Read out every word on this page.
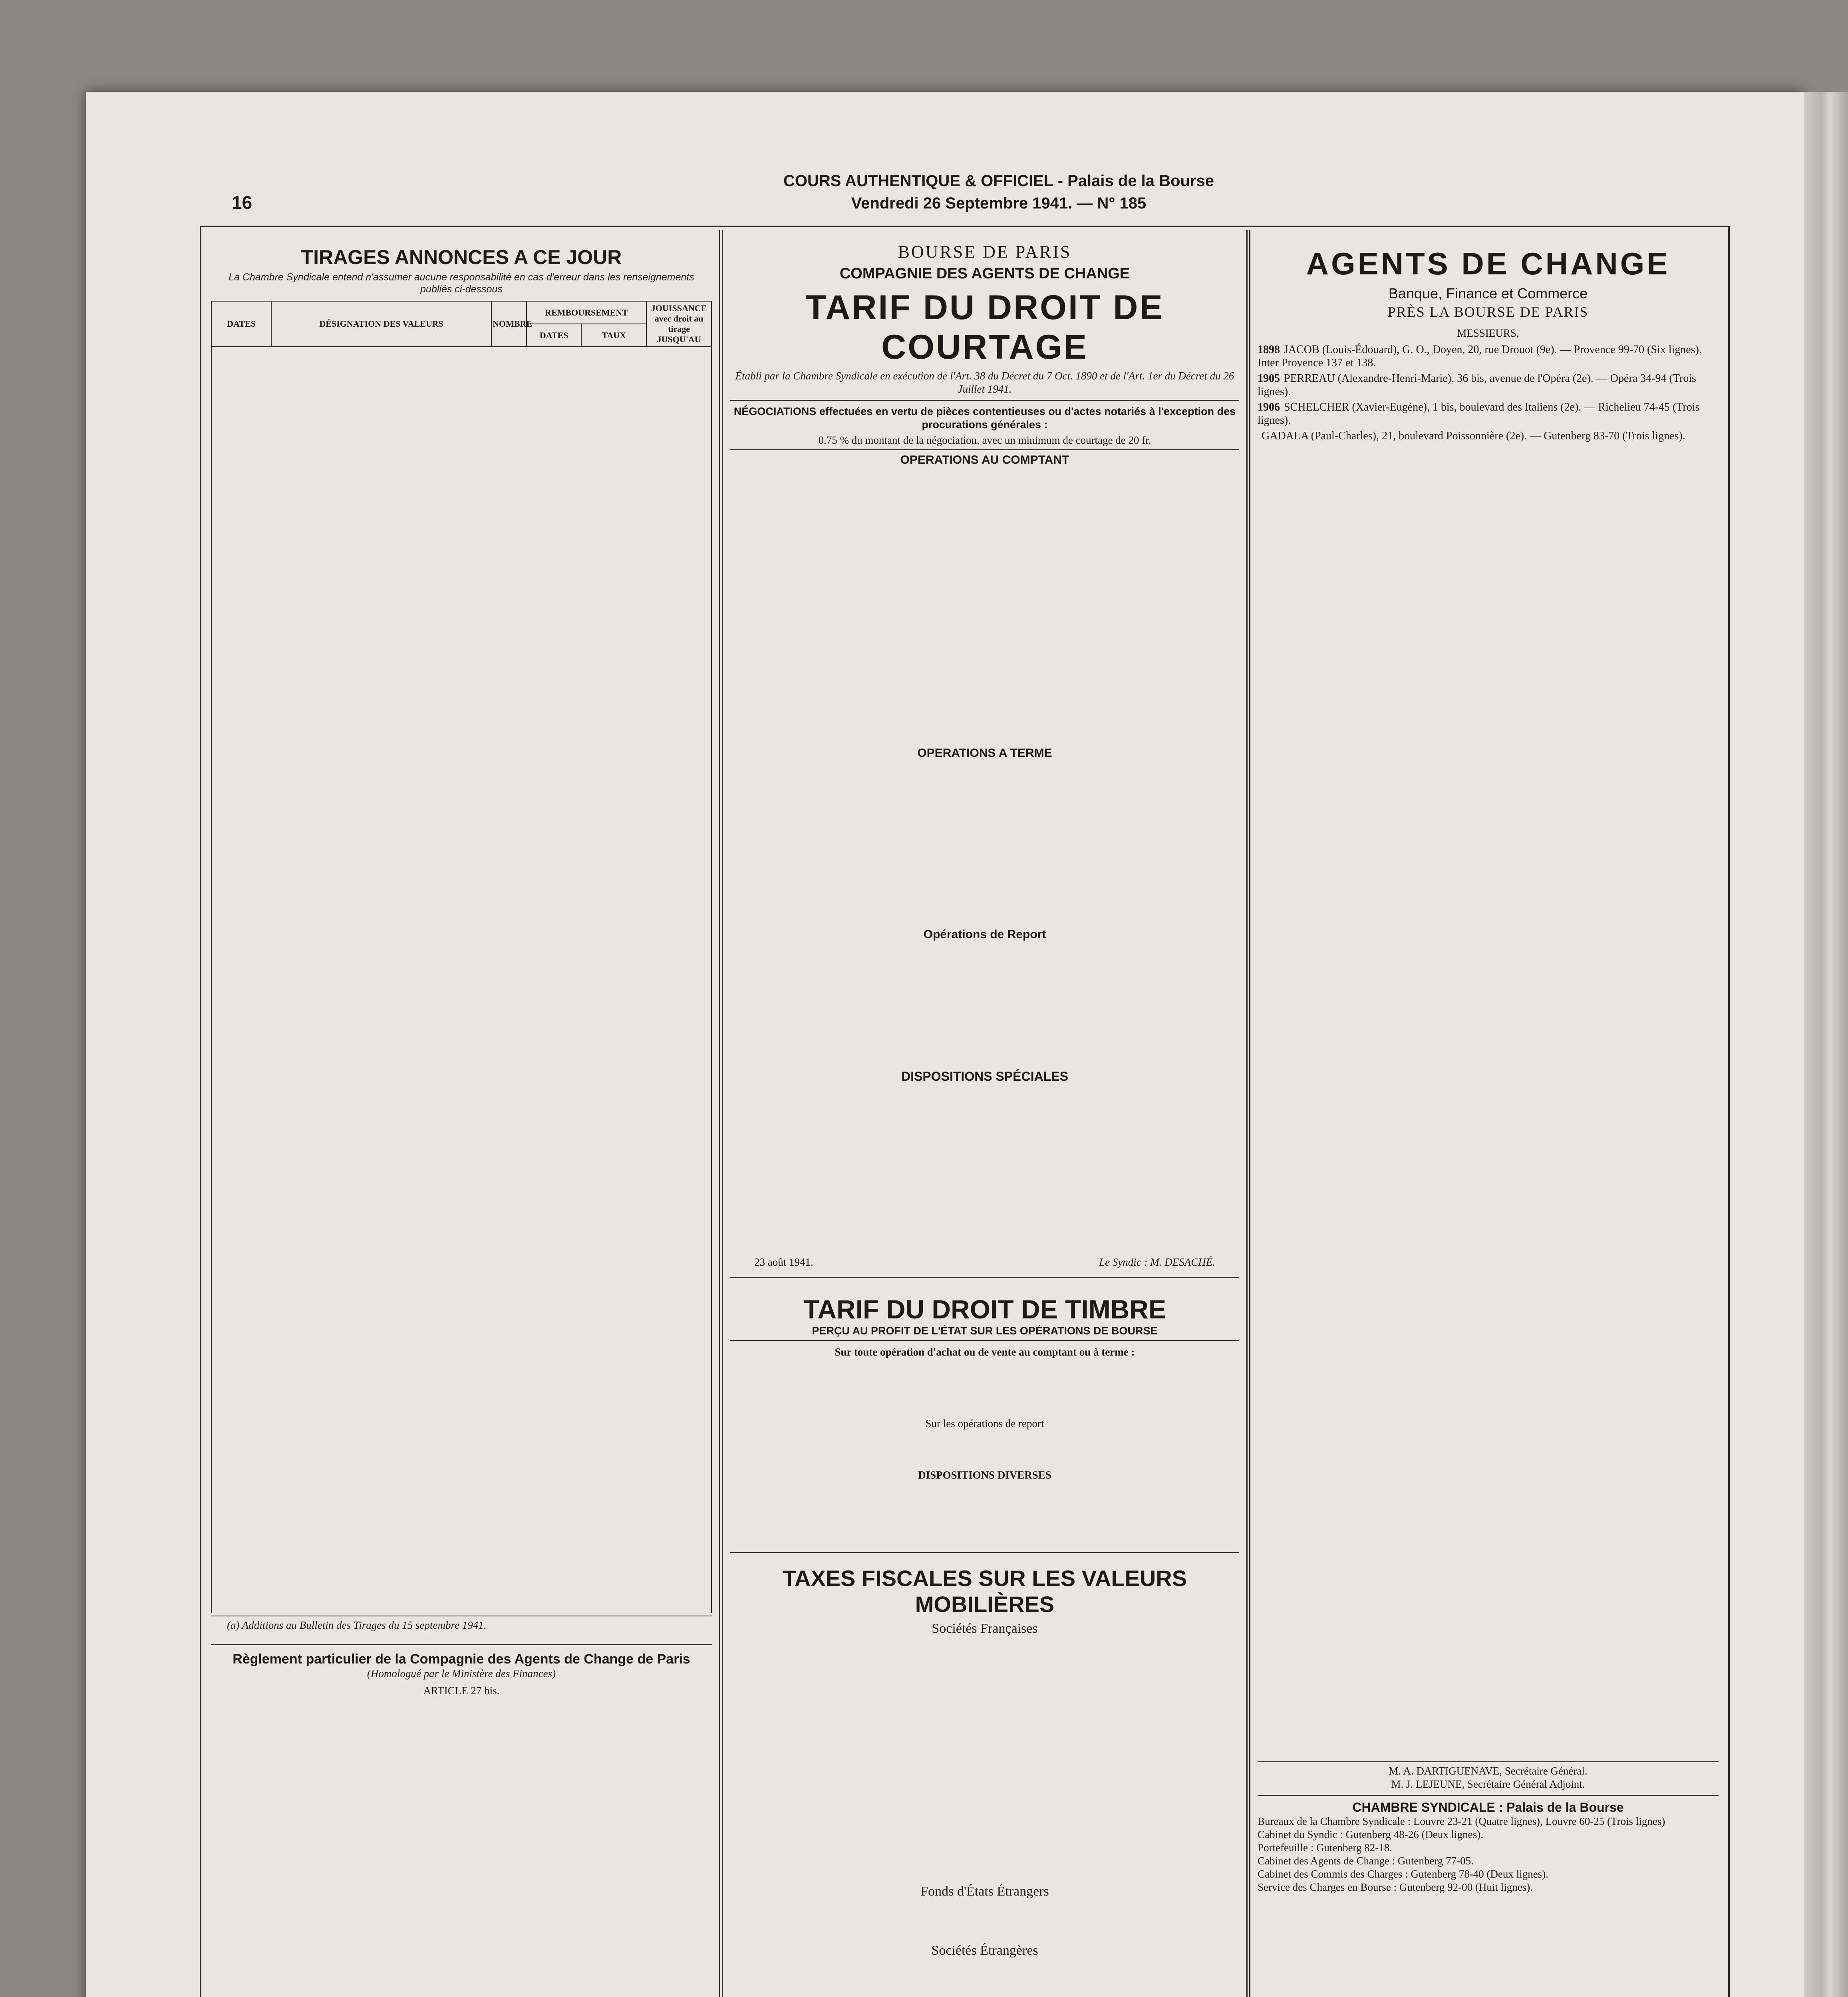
COURS AUTHENTIQUE & OFFICIEL - Palais de la Bourse
Vendredi 26 Septembre 1941. — N° 185
16
TIRAGES ANNONCES A CE JOUR
La Chambre Syndicale entend n'assumer aucune responsabilité en cas d'erreur dans les renseignements publiés ci-dessous
DATES	DÉSIGNATION DES VALEURS	NOMBRE	REMBOURSEMENT		JOUISSANCE avec droit au tirage JUSQU'AU
			DATES	TAUX	
(a) Additions au Bulletin des Tirages du 15 septembre 1941.
Règlement particulier de la Compagnie des Agents de Change de Paris
(Homologué par le Ministère des Finances)
ARTICLE 27 bis.
BOURSE DE PARIS
COMPAGNIE DES AGENTS DE CHANGE
TARIF DU DROIT DE COURTAGE
Établi par la Chambre Syndicale en exécution de l'Art. 38 du Décret du 7 Oct. 1890 et de l'Art. 1er du Décret du 26 Juillet 1941.

NÉGOCIATIONS effectuées en vertu de pièces contentieuses ou d'actes notariés à l'exception des procurations générales :

0.75 % du montant de la négociation, avec un minimum de courtage de 20 fr.

OPERATIONS AU COMPTANT
OPERATIONS A TERME
Opérations de Report
DISPOSITIONS SPÉCIALES
23 août 1941.	Le Syndic : M. DESACHÉ.
TARIF DU DROIT DE TIMBRE
PERÇU AU PROFIT DE L'ÉTAT SUR LES OPÉRATIONS DE BOURSE

Sur toute opération d'achat ou de vente au comptant ou à terme :

Sur les opérations de report

DISPOSITIONS DIVERSES

TAXES FISCALES SUR LES VALEURS MOBILIÈRES
Sociétés Françaises
Fonds d'États Étrangers
Sociétés Étrangères
AGENTS DE CHANGE
Banque, Finance et Commerce
PRÈS LA BOURSE DE PARIS
MESSIEURS,
1898 JACOB (Louis-Édouard), G. O., Doyen, 20, rue Drouot (9e). — Provence 99-70 (Six lignes). Inter Provence 137 et 138.
1905 PERREAU (Alexandre-Henri-Marie), 36 bis, avenue de l'Opéra (2e). — Opéra 34-94 (Trois lignes).
1906 SCHELCHER (Xavier-Eugène), 1 bis, boulevard des Italiens (2e). — Richelieu 74-45 (Trois lignes).
GADALA (Paul-Charles), 21, boulevard Poissonnière (2e). — Gutenberg 83-70 (Trois lignes).
M. A. DARTIGUENAVE, Secrétaire Général.
M. J. LEJEUNE, Secrétaire Général Adjoint.
CHAMBRE SYNDICALE : Palais de la Bourse
Bureaux de la Chambre Syndicale : Louvre 23-21 (Quatre lignes), Louvre 60-25 (Trois lignes)
Cabinet du Syndic : Gutenberg 48-26 (Deux lignes).
Portefeuille : Gutenberg 82-18.
Cabinet des Agents de Change : Gutenberg 77-05.
Cabinet des Commis des Charges : Gutenberg 78-40 (Deux lignes).
Service des Charges en Bourse : Gutenberg 92-00 (Huit lignes).
